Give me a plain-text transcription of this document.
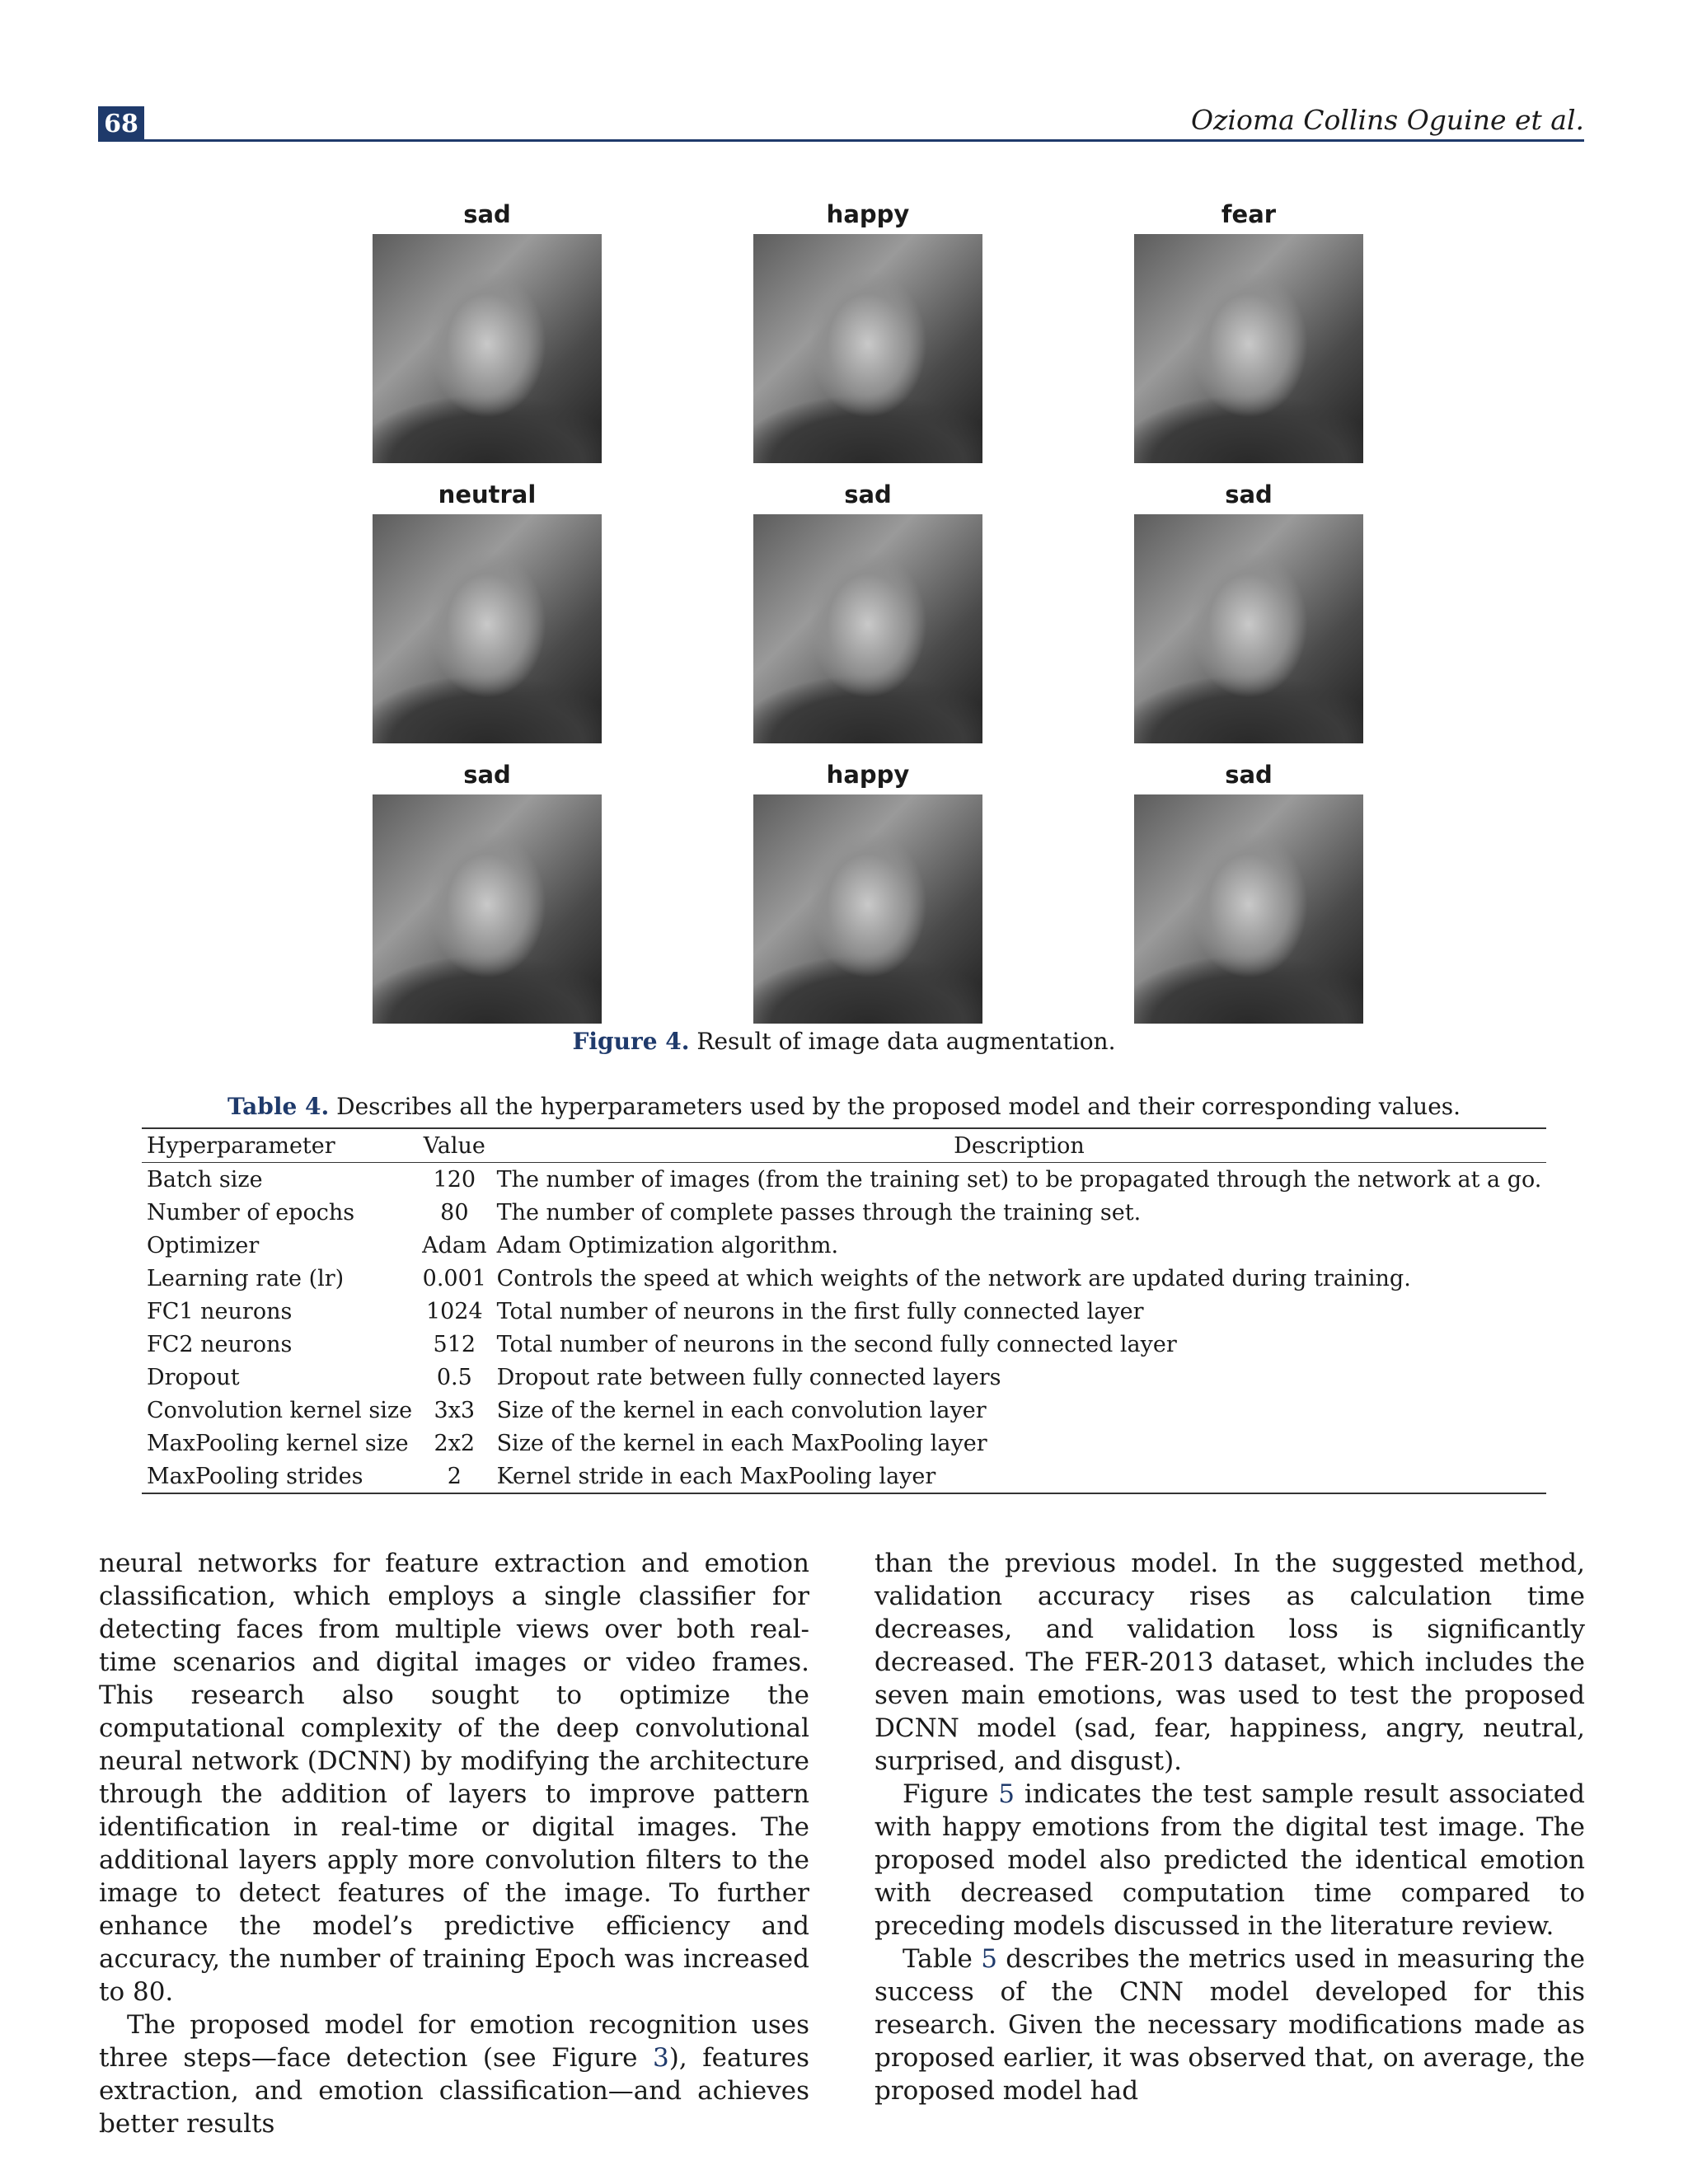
68	Ozioma Collins Oguine et al.
sad	happy	fear
neutral	sad	sad
sad	happy	sad
Figure 4. Result of image data augmentation.
Table 4. Describes all the hyperparameters used by the proposed model and their corresponding values.
Hyperparameter	Value	Description
Batch size	120	The number of images (from the training set) to be propagated through the network at a go.
Number of epochs	80	The number of complete passes through the training set.
Optimizer	Adam	Adam Optimization algorithm.
Learning rate (lr)	0.001	Controls the speed at which weights of the network are updated during training.
FC1 neurons	1024	Total number of neurons in the first fully connected layer
FC2 neurons	512	Total number of neurons in the second fully connected layer
Dropout	0.5	Dropout rate between fully connected layers
Convolution kernel size	3x3	Size of the kernel in each convolution layer
MaxPooling kernel size	2x2	Size of the kernel in each MaxPooling layer
MaxPooling strides	2	Kernel stride in each MaxPooling layer

neural networks for feature extraction and emotion classification, which employs a single classifier for detecting faces from multiple views over both real-time scenarios and digital images or video frames. This research also sought to optimize the computational complexity of the deep convolutional neural network (DCNN) by modifying the architecture through the addition of layers to improve pattern identification in real-time or digital images. The additional layers apply more convolution filters to the image to detect features of the image. To further enhance the model’s predictive efficiency and accuracy, the number of training Epoch was increased to 80.

The proposed model for emotion recognition uses three steps—face detection (see Figure 3), features extraction, and emotion classification—and achieves better results

than the previous model. In the suggested method, validation accuracy rises as calculation time decreases, and validation loss is significantly decreased. The FER-2013 dataset, which includes the seven main emotions, was used to test the proposed DCNN model (sad, fear, happiness, angry, neutral, surprised, and disgust).

Figure 5 indicates the test sample result associated with happy emotions from the digital test image. The proposed model also predicted the identical emotion with decreased computation time compared to preceding models discussed in the literature review.

Table 5 describes the metrics used in measuring the success of the CNN model developed for this research. Given the necessary modifications made as proposed earlier, it was observed that, on average, the proposed model had
